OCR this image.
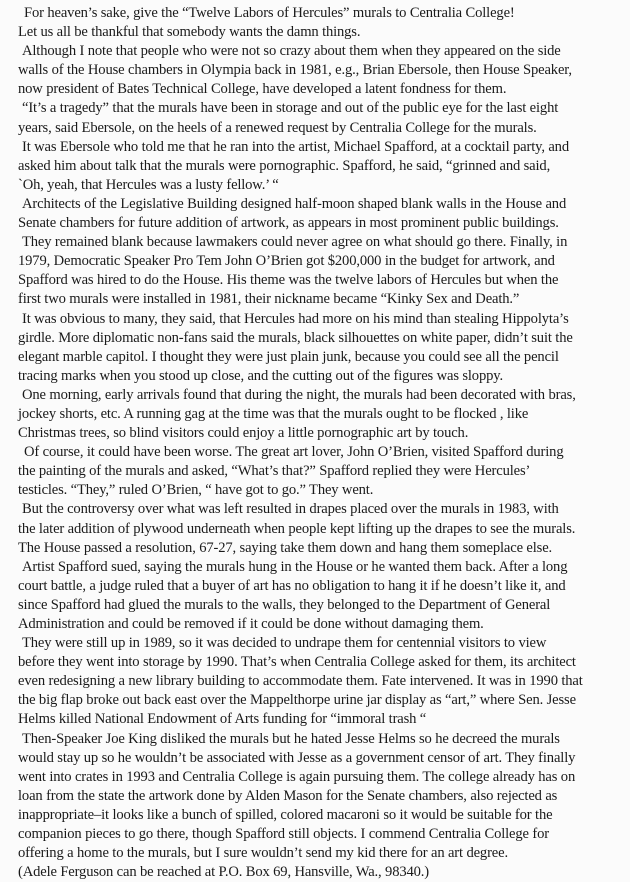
For heaven’s sake, give the “Twelve Labors of Hercules” murals to Centralia College!
Let us all be thankful that somebody wants the damn things.
Although I note that people who were not so crazy about them when they appeared on the side
walls of the House chambers in Olympia back in 1981, e.g., Brian Ebersole, then House Speaker,
now president of Bates Technical College, have developed a latent fondness for them.
“It’s a tragedy” that the murals have been in storage and out of the public eye for the last eight
years, said Ebersole, on the heels of a renewed request by Centralia College for the murals.
It was Ebersole who told me that he ran into the artist, Michael Spafford, at a cocktail party, and
asked him about talk that the murals were pornographic. Spafford, he said, “grinned and said,
`Oh, yeah, that Hercules was a lusty fellow.’ “
Architects of the Legislative Building designed half-moon shaped blank walls in the House and
Senate chambers for future addition of artwork, as appears in most prominent public buildings.
They remained blank because lawmakers could never agree on what should go there. Finally, in
1979, Democratic Speaker Pro Tem John O’Brien got $200,000 in the budget for artwork, and
Spafford was hired to do the House. His theme was the twelve labors of Hercules but when the
first two murals were installed in 1981, their nickname became “Kinky Sex and Death.”
It was obvious to many, they said, that Hercules had more on his mind than stealing Hippolyta’s
girdle. More diplomatic non-fans said the murals, black silhouettes on white paper, didn’t suit the
elegant marble capitol. I thought they were just plain junk, because you could see all the pencil
tracing marks when you stood up close, and the cutting out of the figures was sloppy.
One morning, early arrivals found that during the night, the murals had been decorated with bras,
jockey shorts, etc. A running gag at the time was that the murals ought to be flocked , like
Christmas trees, so blind visitors could enjoy a little pornographic art by touch.
Of course, it could have been worse. The great art lover, John O’Brien, visited Spafford during
the painting of the murals and asked, “What’s that?” Spafford replied they were Hercules’
testicles. “They,” ruled O’Brien, “ have got to go.” They went.
But the controversy over what was left resulted in drapes placed over the murals in 1983, with
the later addition of plywood underneath when people kept lifting up the drapes to see the murals.
The House passed a resolution, 67-27, saying take them down and hang them someplace else.
Artist Spafford sued, saying the murals hung in the House or he wanted them back. After a long
court battle, a judge ruled that a buyer of art has no obligation to hang it if he doesn’t like it, and
since Spafford had glued the murals to the walls, they belonged to the Department of General
Administration and could be removed if it could be done without damaging them.
They were still up in 1989, so it was decided to undrape them for centennial visitors to view
before they went into storage by 1990. That’s when Centralia College asked for them, its architect
even redesigning a new library building to accommodate them. Fate intervened. It was in 1990 that
the big flap broke out back east over the Mappelthorpe urine jar display as “art,” where Sen. Jesse
Helms killed National Endowment of Arts funding for “immoral trash “
Then-Speaker Joe King disliked the murals but he hated Jesse Helms so he decreed the murals
would stay up so he wouldn’t be associated with Jesse as a government censor of art. They finally
went into crates in 1993 and Centralia College is again pursuing them. The college already has on
loan from the state the artwork done by Alden Mason for the Senate chambers, also rejected as
inappropriate–it looks like a bunch of spilled, colored macaroni so it would be suitable for the
companion pieces to go there, though Spafford still objects. I commend Centralia College for
offering a home to the murals, but I sure wouldn’t send my kid there for an art degree.
(Adele Ferguson can be reached at P.O. Box 69, Hansville, Wa., 98340.)
